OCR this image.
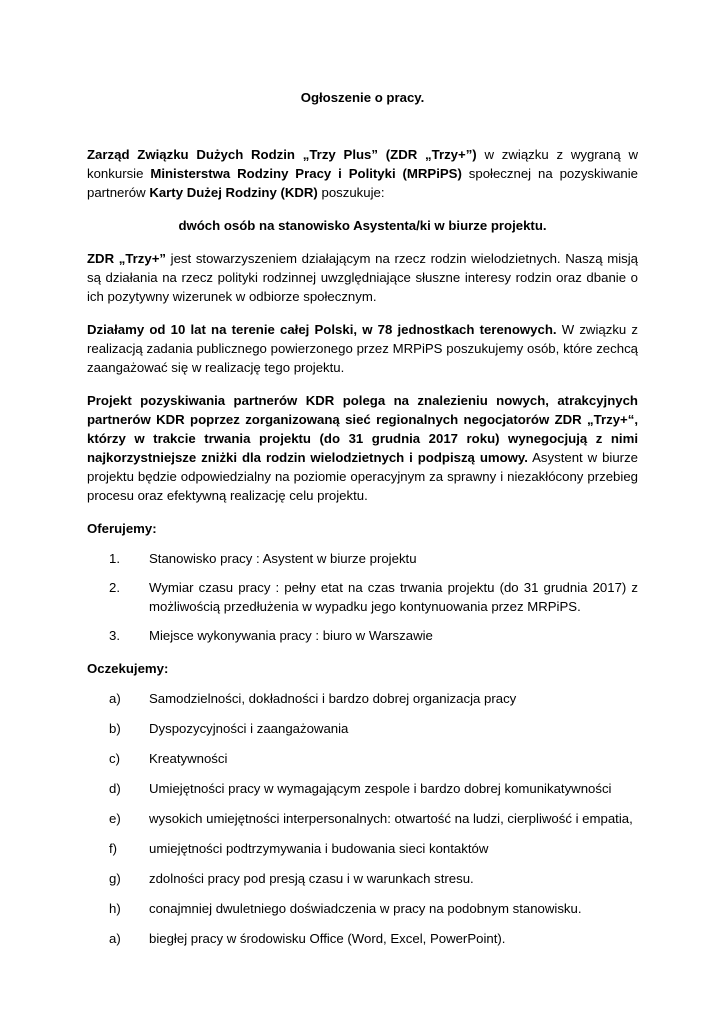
Ogłoszenie o pracy.

Zarząd Związku Dużych Rodzin „Trzy Plus” (ZDR „Trzy+”) w związku z wygraną w konkursie Ministerstwa Rodziny Pracy i Polityki (MRPiPS) społecznej na pozyskiwanie partnerów Karty Dużej Rodziny (KDR) poszukuje:

dwóch osób na stanowisko Asystenta/ki w biurze projektu.

ZDR „Trzy+” jest stowarzyszeniem działającym na rzecz rodzin wielodzietnych. Naszą misją są działania na rzecz polityki rodzinnej uwzględniające słuszne interesy rodzin oraz dbanie o ich pozytywny wizerunek w odbiorze społecznym.

Działamy od 10 lat na terenie całej Polski, w 78 jednostkach terenowych. W związku z realizacją zadania publicznego powierzonego przez MRPiPS poszukujemy osób, które zechcą zaangażować się w realizację tego projektu.

Projekt pozyskiwania partnerów KDR polega na znalezieniu nowych, atrakcyjnych partnerów KDR poprzez zorganizowaną sieć regionalnych negocjatorów ZDR „Trzy+“, którzy w trakcie trwania projektu (do 31 grudnia 2017 roku) wynegocjują z nimi najkorzystniejsze zniżki dla rodzin wielodzietnych i podpiszą umowy. Asystent w biurze projektu będzie odpowiedzialny na poziomie operacyjnym za sprawny i niezakłócony przebieg procesu oraz efektywną realizację celu projektu.

Oferujemy:

1. Stanowisko pracy : Asystent w biurze projektu
2. Wymiar czasu pracy : pełny etat na czas trwania projektu (do 31 grudnia 2017) z możliwością przedłużenia w wypadku jego kontynuowania przez MRPiPS.
3. Miejsce wykonywania pracy : biuro w Warszawie

Oczekujemy:

a) Samodzielności, dokładności i bardzo dobrej organizacja pracy
b) Dyspozycyjności i zaangażowania
c) Kreatywności
d) Umiejętności pracy w wymagającym zespole i bardzo dobrej komunikatywności
e) wysokich umiejętności interpersonalnych: otwartość na ludzi, cierpliwość i empatia,
f) umiejętności podtrzymywania i budowania sieci kontaktów
g) zdolności pracy pod presją czasu i w warunkach stresu.
h) conajmniej dwuletniego doświadczenia w pracy na podobnym stanowisku.
a) biegłej pracy w środowisku Office (Word, Excel, PowerPoint).
